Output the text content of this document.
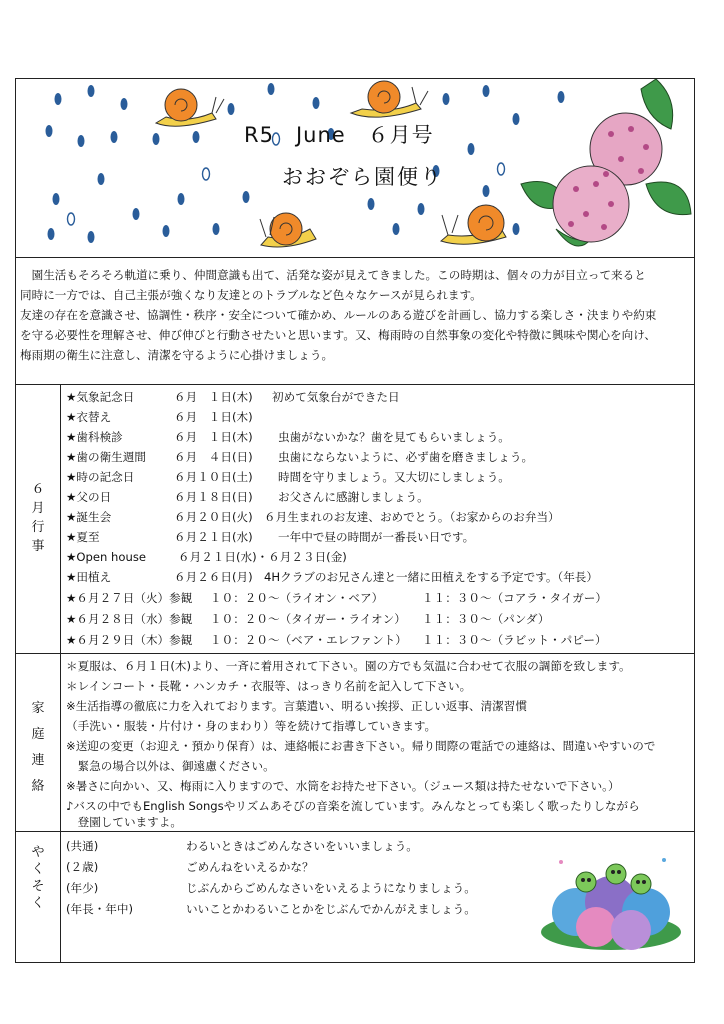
R5　June　６月号
おおぞら園便り

　園生活もそろそろ軌道に乗り、仲間意識も出て、活発な姿が見えてきました。この時期は、個々の力が目立って来ると

同時に一方では、自己主張が強くなり友達とのトラブルなど色々なケースが見られます。

友達の存在を意識させ、協調性・秩序・安全について確かめ、ルールのある遊びを計画し、協力する楽しさ・決まりや約束

を守る必要性を理解させ、伸び伸びと行動させたいと思います。又、梅雨時の自然事象の変化や特徴に興味や関心を向け、

梅雨期の衛生に注意し、清潔を守るように心掛けましょう。

６
月
行
事
★気象記念日	６月　１日(木) 初めて気象台ができた日
★衣替え	６月　１日(木)
★歯科検診	６月　１日(木) 虫歯がないかな？歯を見てもらいましょう。
★歯の衛生週間 ６月　４日(日) 虫歯にならないように、必ず歯を磨きましょう。
★時の記念日	６月１０日(土) 時間を守りましょう。又大切にしましょう。
★父の日	６月１８日(日) お父さんに感謝しましょう。
★誕生会	６月２０日(火) ６月生まれのお友達、おめでとう。（お家からのお弁当）
★夏至	６月２１日(水) 一年中で昼の時間が一番長い日です。
★Open house	６月２１日(水)・６月２３日(金)
★田植え	６月２６日(月) 4Hクラブのお兄さん達と一緒に田植えをする予定です。（年長）
★６月２７日（火）参観 １０：２０～（ライオン・ベア）	１１：３０～（コアラ・タイガー）
★６月２８日（水）参観 １０：２０～（タイガー・ライオン） １１：３０～（パンダ）
★６月２９日（木）参観 １０：２０～（ベア・エレファント） １１：３０～（ラビット・パピー）
家
庭
連
絡
＊夏服は、６月１日(木)より、一斉に着用されて下さい。園の方でも気温に合わせて衣服の調節を致します。
＊レインコート・長靴・ハンカチ・衣服等、はっきり名前を記入して下さい。
※生活指導の徹底に力を入れております。言葉遣い、明るい挨拶、正しい返事、清潔習慣
（手洗い・服装・片付け・身のまわり）等を続けて指導していきます。
※送迎の変更（お迎え・預かり保育）は、連絡帳にお書き下さい。帰り間際の電話での連絡は、間違いやすいので
　緊急の場合以外は、御遠慮ください。
※暑さに向かい、又、梅雨に入りますので、水筒をお持たせ下さい。（ジュース類は持たせないで下さい。）
♪バスの中でもEnglish Songsやリズムあそびの音楽を流しています。みんなとっても楽しく歌ったりしながら
　登園していますよ。
や
く
そ
く
(共通)	わるいときはごめんなさいをいいましょう。
(２歳)	ごめんねをいえるかな？
(年少)	じぶんからごめんなさいをいえるようになりましょう。
(年長・年中)	いいことかわるいことかをじぶんでかんがえましょう。
